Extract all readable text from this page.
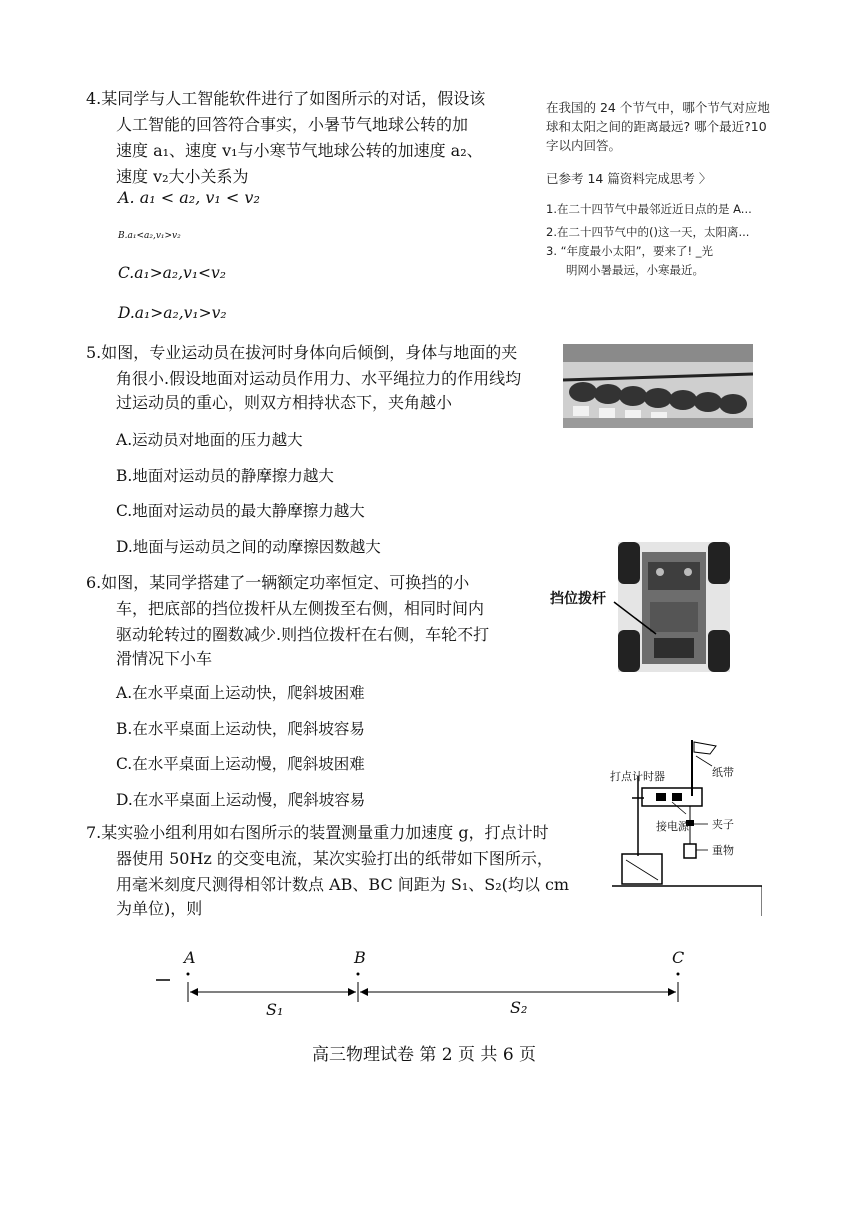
4.某同学与人工智能软件进行了如图所示的对话，假设该
人工智能的回答符合事实，小暑节气地球公转的加
速度 a₁、速度 v₁与小寒节气地球公转的加速度 a₂、
速度 v₂大小关系为
A. a₁ < a₂, v₁ < v₂
B.a₁<a₂,v₁>v₂
C.a₁>a₂,v₁<v₂
D.a₁>a₂,v₁>v₂
在我国的 24 个节气中，哪个节气对应地
球和太阳之间的距离最远? 哪个最近?10
字以内回答。
已参考 14 篇资料完成思考 〉
1.在二十四节气中最邻近近日点的是 A...
2.在二十四节气中的()这一天，太阳离...
3. “年度最小太阳”，要来了! _光
明网小暑最远，小寒最近。
5.如图，专业运动员在拔河时身体向后倾倒，身体与地面的夹
角很小.假设地面对运动员作用力、水平绳拉力的作用线均
过运动员的重心，则双方相持状态下，夹角越小
A.运动员对地面的压力越大
B.地面对运动员的静摩擦力越大
C.地面对运动员的最大静摩擦力越大
D.地面与运动员之间的动摩擦因数越大
6.如图，某同学搭建了一辆额定功率恒定、可换挡的小
车，把底部的挡位拨杆从左侧拨至右侧，相同时间内
驱动轮转过的圈数减少.则挡位拨杆在右侧，车轮不打
滑情况下小车
A.在水平桌面上运动快，爬斜坡困难
B.在水平桌面上运动快，爬斜坡容易
C.在水平桌面上运动慢，爬斜坡困难
D.在水平桌面上运动慢，爬斜坡容易
挡位拨杆
7.某实验小组利用如右图所示的装置测量重力加速度 g，打点计时
器使用 50Hz 的交变电流，某次实验打出的纸带如下图所示，
用毫米刻度尺测得相邻计数点 AB、BC 间距为 S₁、S₂(均以 cm
为单位)，则
打点计时器	纸带
接电源 夹子
重物
A	B	C
S₁	S₂
高三物理试卷 第 2 页 共 6 页
